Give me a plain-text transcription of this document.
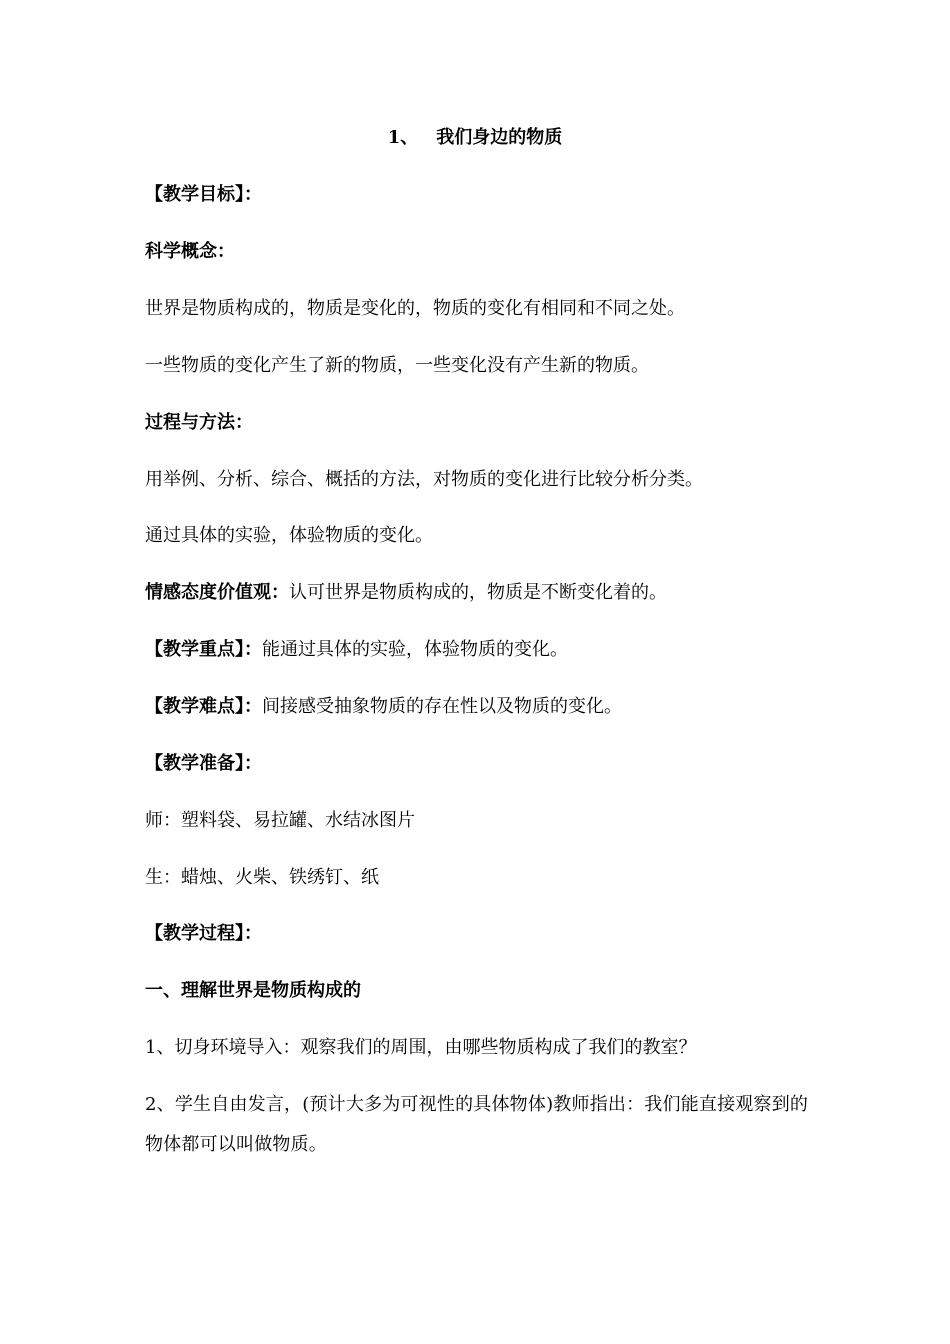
1、 我们身边的物质
【教学目标】：
科学概念：
世界是物质构成的，物质是变化的，物质的变化有相同和不同之处。
一些物质的变化产生了新的物质，一些变化没有产生新的物质。
过程与方法：
用举例、分析、综合、概括的方法，对物质的变化进行比较分析分类。
通过具体的实验，体验物质的变化。
情感态度价值观：认可世界是物质构成的，物质是不断变化着的。
【教学重点】：能通过具体的实验，体验物质的变化。
【教学难点】：间接感受抽象物质的存在性以及物质的变化。
【教学准备】：
师：塑料袋、易拉罐、水结冰图片
生：蜡烛、火柴、铁绣钉、纸
【教学过程】：
一、理解世界是物质构成的
1、切身环境导入：观察我们的周围，由哪些物质构成了我们的教室？
2、学生自由发言，(预计大多为可视性的具体物体)教师指出：我们能直接观察到的物体都可以叫做物质。
